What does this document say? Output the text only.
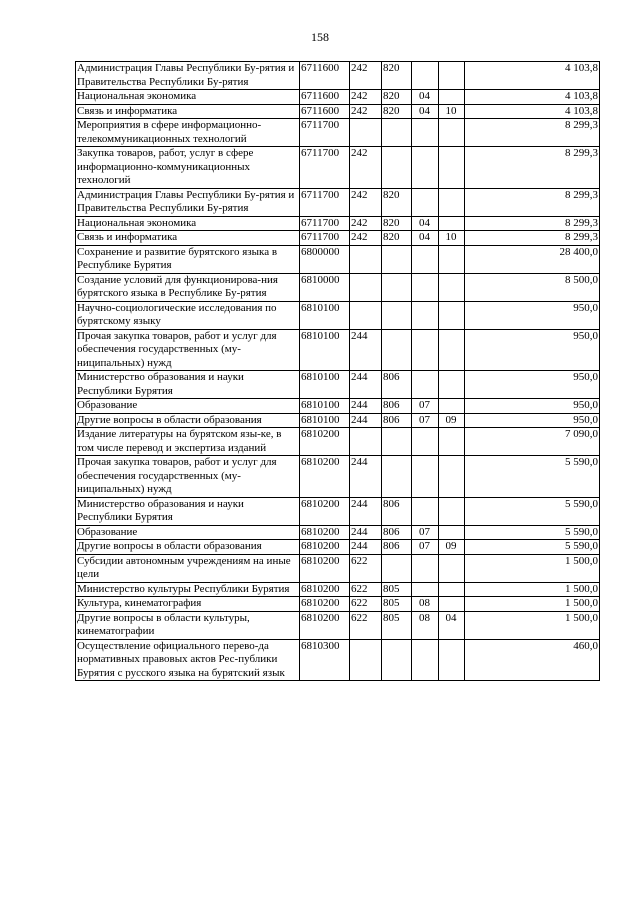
158
Администрация Главы Республики Бу-рятия и Правительства Республики Бу-рятия	6711600	242	820			4 103,8
Национальная экономика	6711600	242	820	04		4 103,8
Связь и информатика	6711600	242	820	04	10	4 103,8
Мероприятия в сфере информационно-телекоммуникационных технологий	6711700					8 299,3
Закупка товаров, работ, услуг в сфере информационно-коммуникационных технологий	6711700	242				8 299,3
Администрация Главы Республики Бу-рятия и Правительства Республики Бу-рятия	6711700	242	820			8 299,3
Национальная экономика	6711700	242	820	04		8 299,3
Связь и информатика	6711700	242	820	04	10	8 299,3
Сохранение и развитие бурятского языка в Республике Бурятия	6800000					28 400,0
Создание условий для функционирова-ния бурятского языка в Республике Бу-рятия	6810000					8 500,0
Научно-социологические исследования по бурятскому языку	6810100					950,0
Прочая закупка товаров, работ и услуг для обеспечения государственных (му-ниципальных) нужд	6810100	244				950,0
Министерство образования и науки Республики Бурятия	6810100	244	806			950,0
Образование	6810100	244	806	07		950,0
Другие вопросы в области образования	6810100	244	806	07	09	950,0
Издание литературы на бурятском язы-ке, в том числе перевод и экспертиза изданий	6810200					7 090,0
Прочая закупка товаров, работ и услуг для обеспечения государственных (му-ниципальных) нужд	6810200	244				5 590,0
Министерство образования и науки Республики Бурятия	6810200	244	806			5 590,0
Образование	6810200	244	806	07		5 590,0
Другие вопросы в области образования	6810200	244	806	07	09	5 590,0
Субсидии автономным учреждениям на иные цели	6810200	622				1 500,0
Министерство культуры Республики Бурятия	6810200	622	805			1 500,0
Культура, кинематография	6810200	622	805	08		1 500,0
Другие вопросы в области культуры, кинематографии	6810200	622	805	08	04	1 500,0
Осуществление официального перево-да нормативных правовых актов Рес-публики Бурятия с русского языка на бурятский язык	6810300					460,0
